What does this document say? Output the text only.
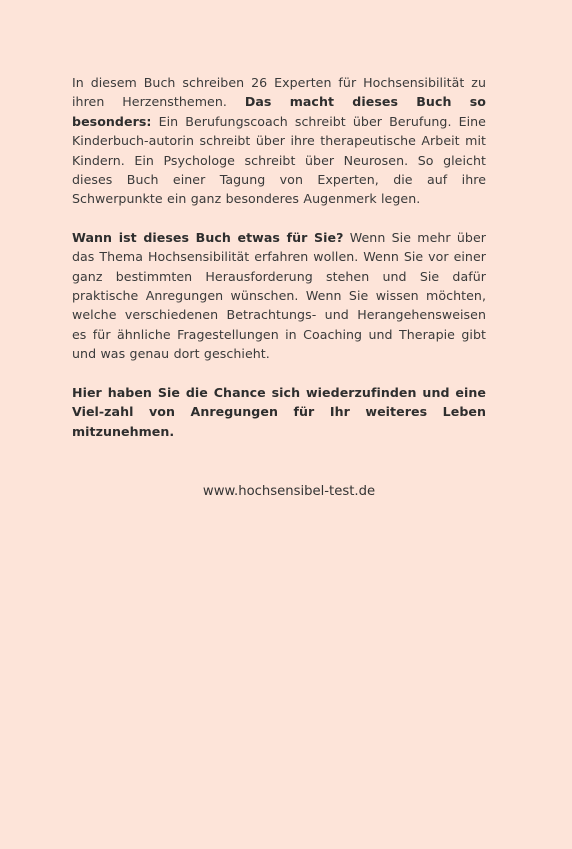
In diesem Buch schreiben 26 Experten für Hochsensibilität zu ihren Herzensthemen. Das macht dieses Buch so besonders: Ein Berufungscoach schreibt über Berufung. Eine Kinderbuch-autorin schreibt über ihre therapeutische Arbeit mit Kindern. Ein Psychologe schreibt über Neurosen. So gleicht dieses Buch einer Tagung von Experten, die auf ihre Schwerpunkte ein ganz besonderes Augenmerk legen.

Wann ist dieses Buch etwas für Sie? Wenn Sie mehr über das Thema Hochsensibilität erfahren wollen. Wenn Sie vor einer ganz bestimmten Herausforderung stehen und Sie dafür praktische Anregungen wünschen. Wenn Sie wissen möchten, welche verschiedenen Betrachtungs- und Herangehensweisen es für ähnliche Fragestellungen in Coaching und Therapie gibt und was genau dort geschieht.

Hier haben Sie die Chance sich wiederzufinden und eine Viel-zahl von Anregungen für Ihr weiteres Leben mitzunehmen.

www.hochsensibel-test.de
